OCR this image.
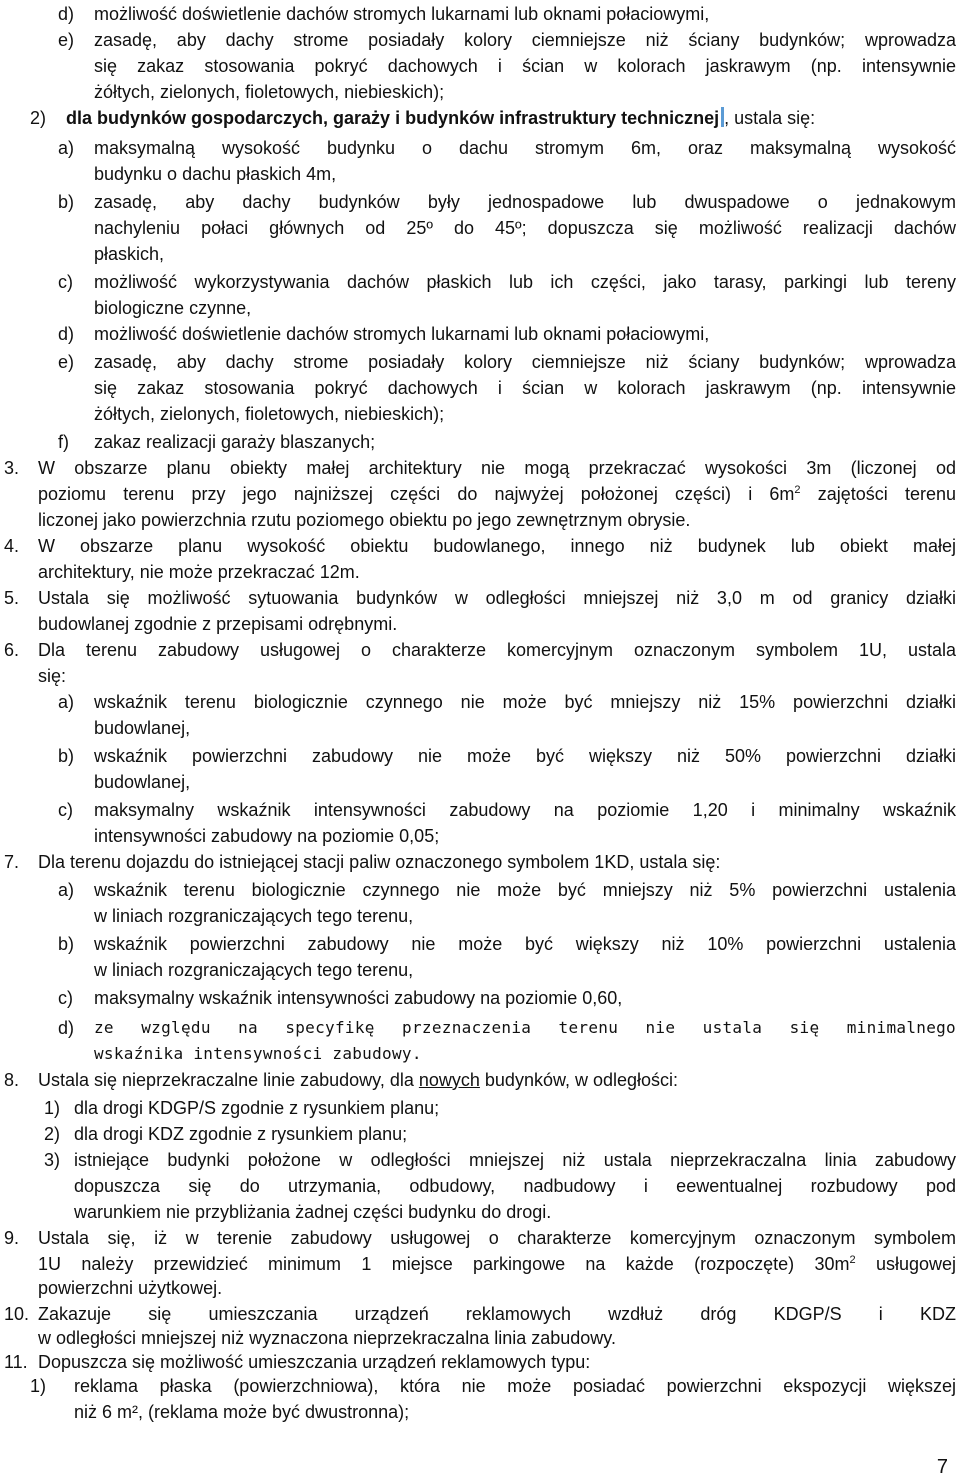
d) możliwość doświetlenie dachów stromych lukarnami lub oknami połaciowymi,
e) zasadę, aby dachy strome posiadały kolory ciemniejsze niż ściany budynków; wprowadza
się zakaz stosowania pokryć dachowych i ścian w kolorach jaskrawym (np. intensywnie
żółtych, zielonych, fioletowych, niebieskich);
2) dla budynków gospodarczych, garaży i budynków infrastruktury technicznej , ustala się:
a) maksymalną wysokość budynku o dachu stromym 6m, oraz maksymalną wysokość
budynku o dachu płaskich 4m,
b) zasadę, aby dachy budynków były jednospadowe lub dwuspadowe o jednakowym
nachyleniu połaci głównych od 25º do 45º; dopuszcza się możliwość realizacji dachów
płaskich,
c) możliwość wykorzystywania dachów płaskich lub ich części, jako tarasy, parkingi lub tereny
biologiczne czynne,
d) możliwość doświetlenie dachów stromych lukarnami lub oknami połaciowymi,
e) zasadę, aby dachy strome posiadały kolory ciemniejsze niż ściany budynków; wprowadza
się zakaz stosowania pokryć dachowych i ścian w kolorach jaskrawym (np. intensywnie
żółtych, zielonych, fioletowych, niebieskich);
f) zakaz realizacji garaży blaszanych;
3. W obszarze planu obiekty małej architektury nie mogą przekraczać wysokości 3m (liczonej od
poziomu terenu przy jego najniższej części do najwyżej położonej części) i $6m^2$ zajętości terenu
liczonej jako powierzchnia rzutu poziomego obiektu po jego zewnętrznym obrysie.
4. W obszarze planu wysokość obiektu budowlanego, innego niż budynek lub obiekt małej
architektury, nie może przekraczać 12m.
5. Ustala się możliwość sytuowania budynków w odległości mniejszej niż 3,0 m od granicy działki
budowlanej zgodnie z przepisami odrębnymi.
6. Dla terenu zabudowy usługowej o charakterze komercyjnym oznaczonym symbolem 1U, ustala
się:
a) wskaźnik terenu biologicznie czynnego nie może być mniejszy niż 15% powierzchni działki
budowlanej,
b) wskaźnik powierzchni zabudowy nie może być większy niż 50% powierzchni działki
budowlanej,
c) maksymalny wskaźnik intensywności zabudowy na poziomie 1,20 i minimalny wskaźnik
intensywności zabudowy na poziomie 0,05;
7. Dla terenu dojazdu do istniejącej stacji paliw oznaczonego symbolem 1KD, ustala się:
a) wskaźnik terenu biologicznie czynnego nie może być mniejszy niż 5% powierzchni ustalenia
w liniach rozgraniczających tego terenu,
b) wskaźnik powierzchni zabudowy nie może być większy niż 10% powierzchni ustalenia
w liniach rozgraniczających tego terenu,
c) maksymalny wskaźnik intensywności zabudowy na poziomie 0,60,
d) ze względu na specyfikę przeznaczenia terenu nie ustala się minimalnego
wskaźnika intensywności zabudowy.
8. Ustala się nieprzekraczalne linie zabudowy, dla nowych budynków, w odległości:
1) dla drogi KDGP/S zgodnie z rysunkiem planu;
2) dla drogi KDZ zgodnie z rysunkiem planu;
3) istniejące budynki położone w odległości mniejszej niż ustala nieprzekraczalna linia zabudowy
dopuszcza się do utrzymania, odbudowy, nadbudowy i eewentualnej rozbudowy pod
warunkiem nie przybliżania żadnej części budynku do drogi.
9. Ustala się, iż w terenie zabudowy usługowej o charakterze komercyjnym oznaczonym symbolem
1U należy przewidzieć minimum 1 miejsce parkingowe na każde (rozpoczęte) $30m^2$ usługowej
powierzchni użytkowej.
10. Zakazuje się umieszczania urządzeń reklamowych wzdłuż dróg KDGP/S i KDZ
w odległości mniejszej niż wyznaczona nieprzekraczalna linia zabudowy.
11. Dopuszcza się możliwość umieszczania urządzeń reklamowych typu:
1) reklama płaska (powierzchniowa), która nie może posiadać powierzchni ekspozycji większej
niż 6 m², (reklama może być dwustronna);
7
